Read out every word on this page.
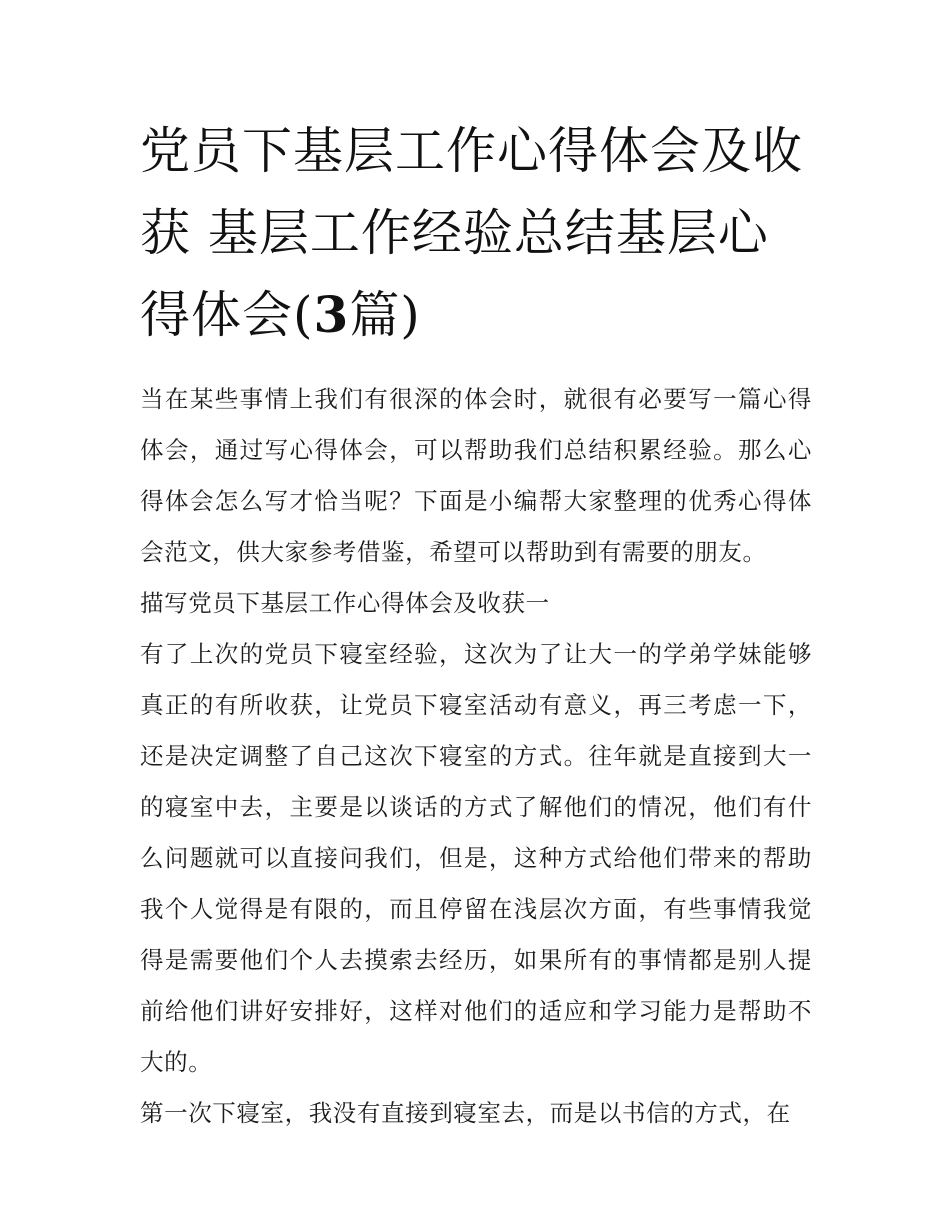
党员下基层工作心得体会及收获 基层工作经验总结基层心得体会(3篇)

当在某些事情上我们有很深的体会时，就很有必要写一篇心得体会，通过写心得体会，可以帮助我们总结积累经验。那么心得体会怎么写才恰当呢？下面是小编帮大家整理的优秀心得体会范文，供大家参考借鉴，希望可以帮助到有需要的朋友。

描写党员下基层工作心得体会及收获一

有了上次的党员下寝室经验，这次为了让大一的学弟学妹能够真正的有所收获，让党员下寝室活动有意义，再三考虑一下，还是决定调整了自己这次下寝室的方式。往年就是直接到大一的寝室中去，主要是以谈话的方式了解他们的情况，他们有什么问题就可以直接问我们，但是，这种方式给他们带来的帮助我个人觉得是有限的，而且停留在浅层次方面，有些事情我觉得是需要他们个人去摸索去经历，如果所有的事情都是别人提前给他们讲好安排好，这样对他们的适应和学习能力是帮助不大的。

第一次下寝室，我没有直接到寝室去，而是以书信的方式，在
